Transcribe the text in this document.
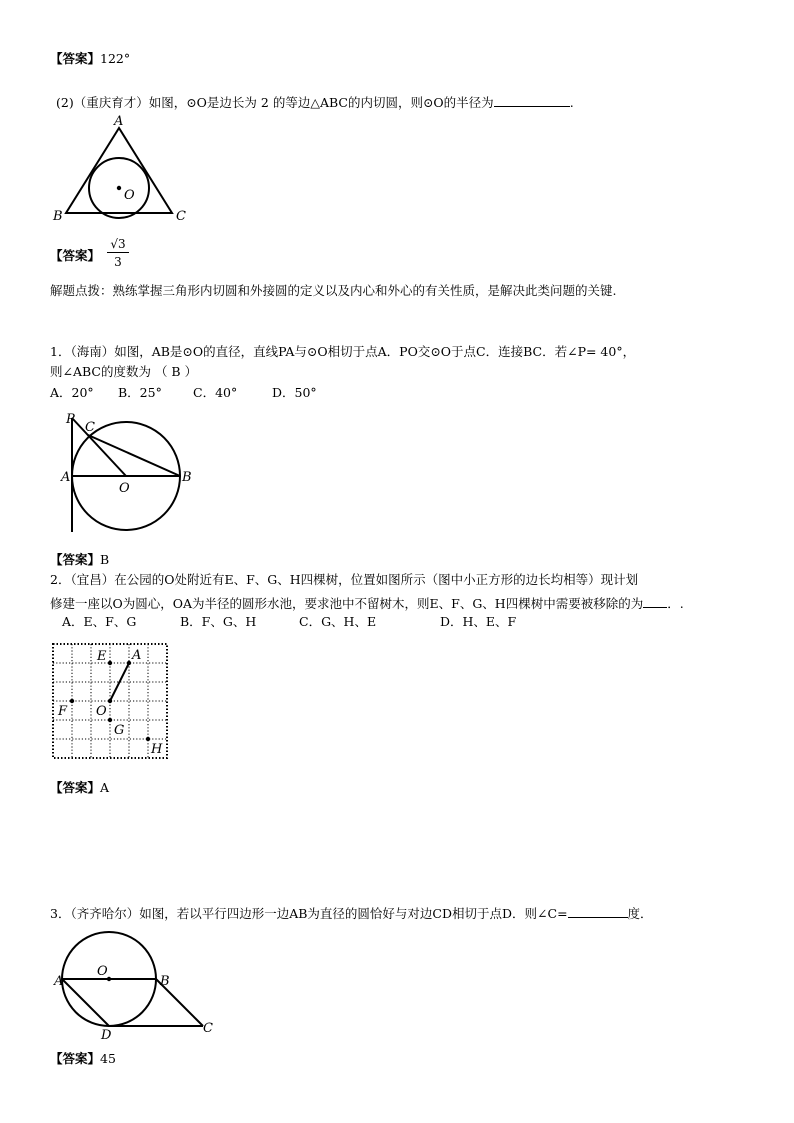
【答案】122°
(2)（重庆育才）如图，⊙O是边长为 2 的等边△ABC的内切圆，则⊙O的半径为	.
A
B	C
O
【答案】 $\frac{√3}{3}$
解题点拨：熟练掌握三角形内切圆和外接圆的定义以及内心和外心的有关性质，是解决此类问题的关键.
1．（海南）如图，AB是⊙O的直径，直线PA与⊙O相切于点A．PO交⊙O于点C．连接BC．若∠P= 40°，
则∠ABC的度数为 （ B ）
A．20° B．25° C．40°	D．50°
P
C
A
O
B
【答案】B
2．（宜昌）在公园的O处附近有E、F、G、H四棵树，位置如图所示（图中小正方形的边长均相等）现计划
修建一座以O为圆心，OA为半径的圆形水池，要求池中不留树木，则E、F、G、H四棵树中需要被移除的为 ．.
A．E、F、G	B．F、G、H	C．G、H、E	D．H、E、F
E A
F O
G
H
【答案】A
3．（齐齐哈尔）如图，若以平行四边形一边AB为直径的圆恰好与对边CD相切于点D．则∠C=	度．
A
O
B
D	C
【答案】45
